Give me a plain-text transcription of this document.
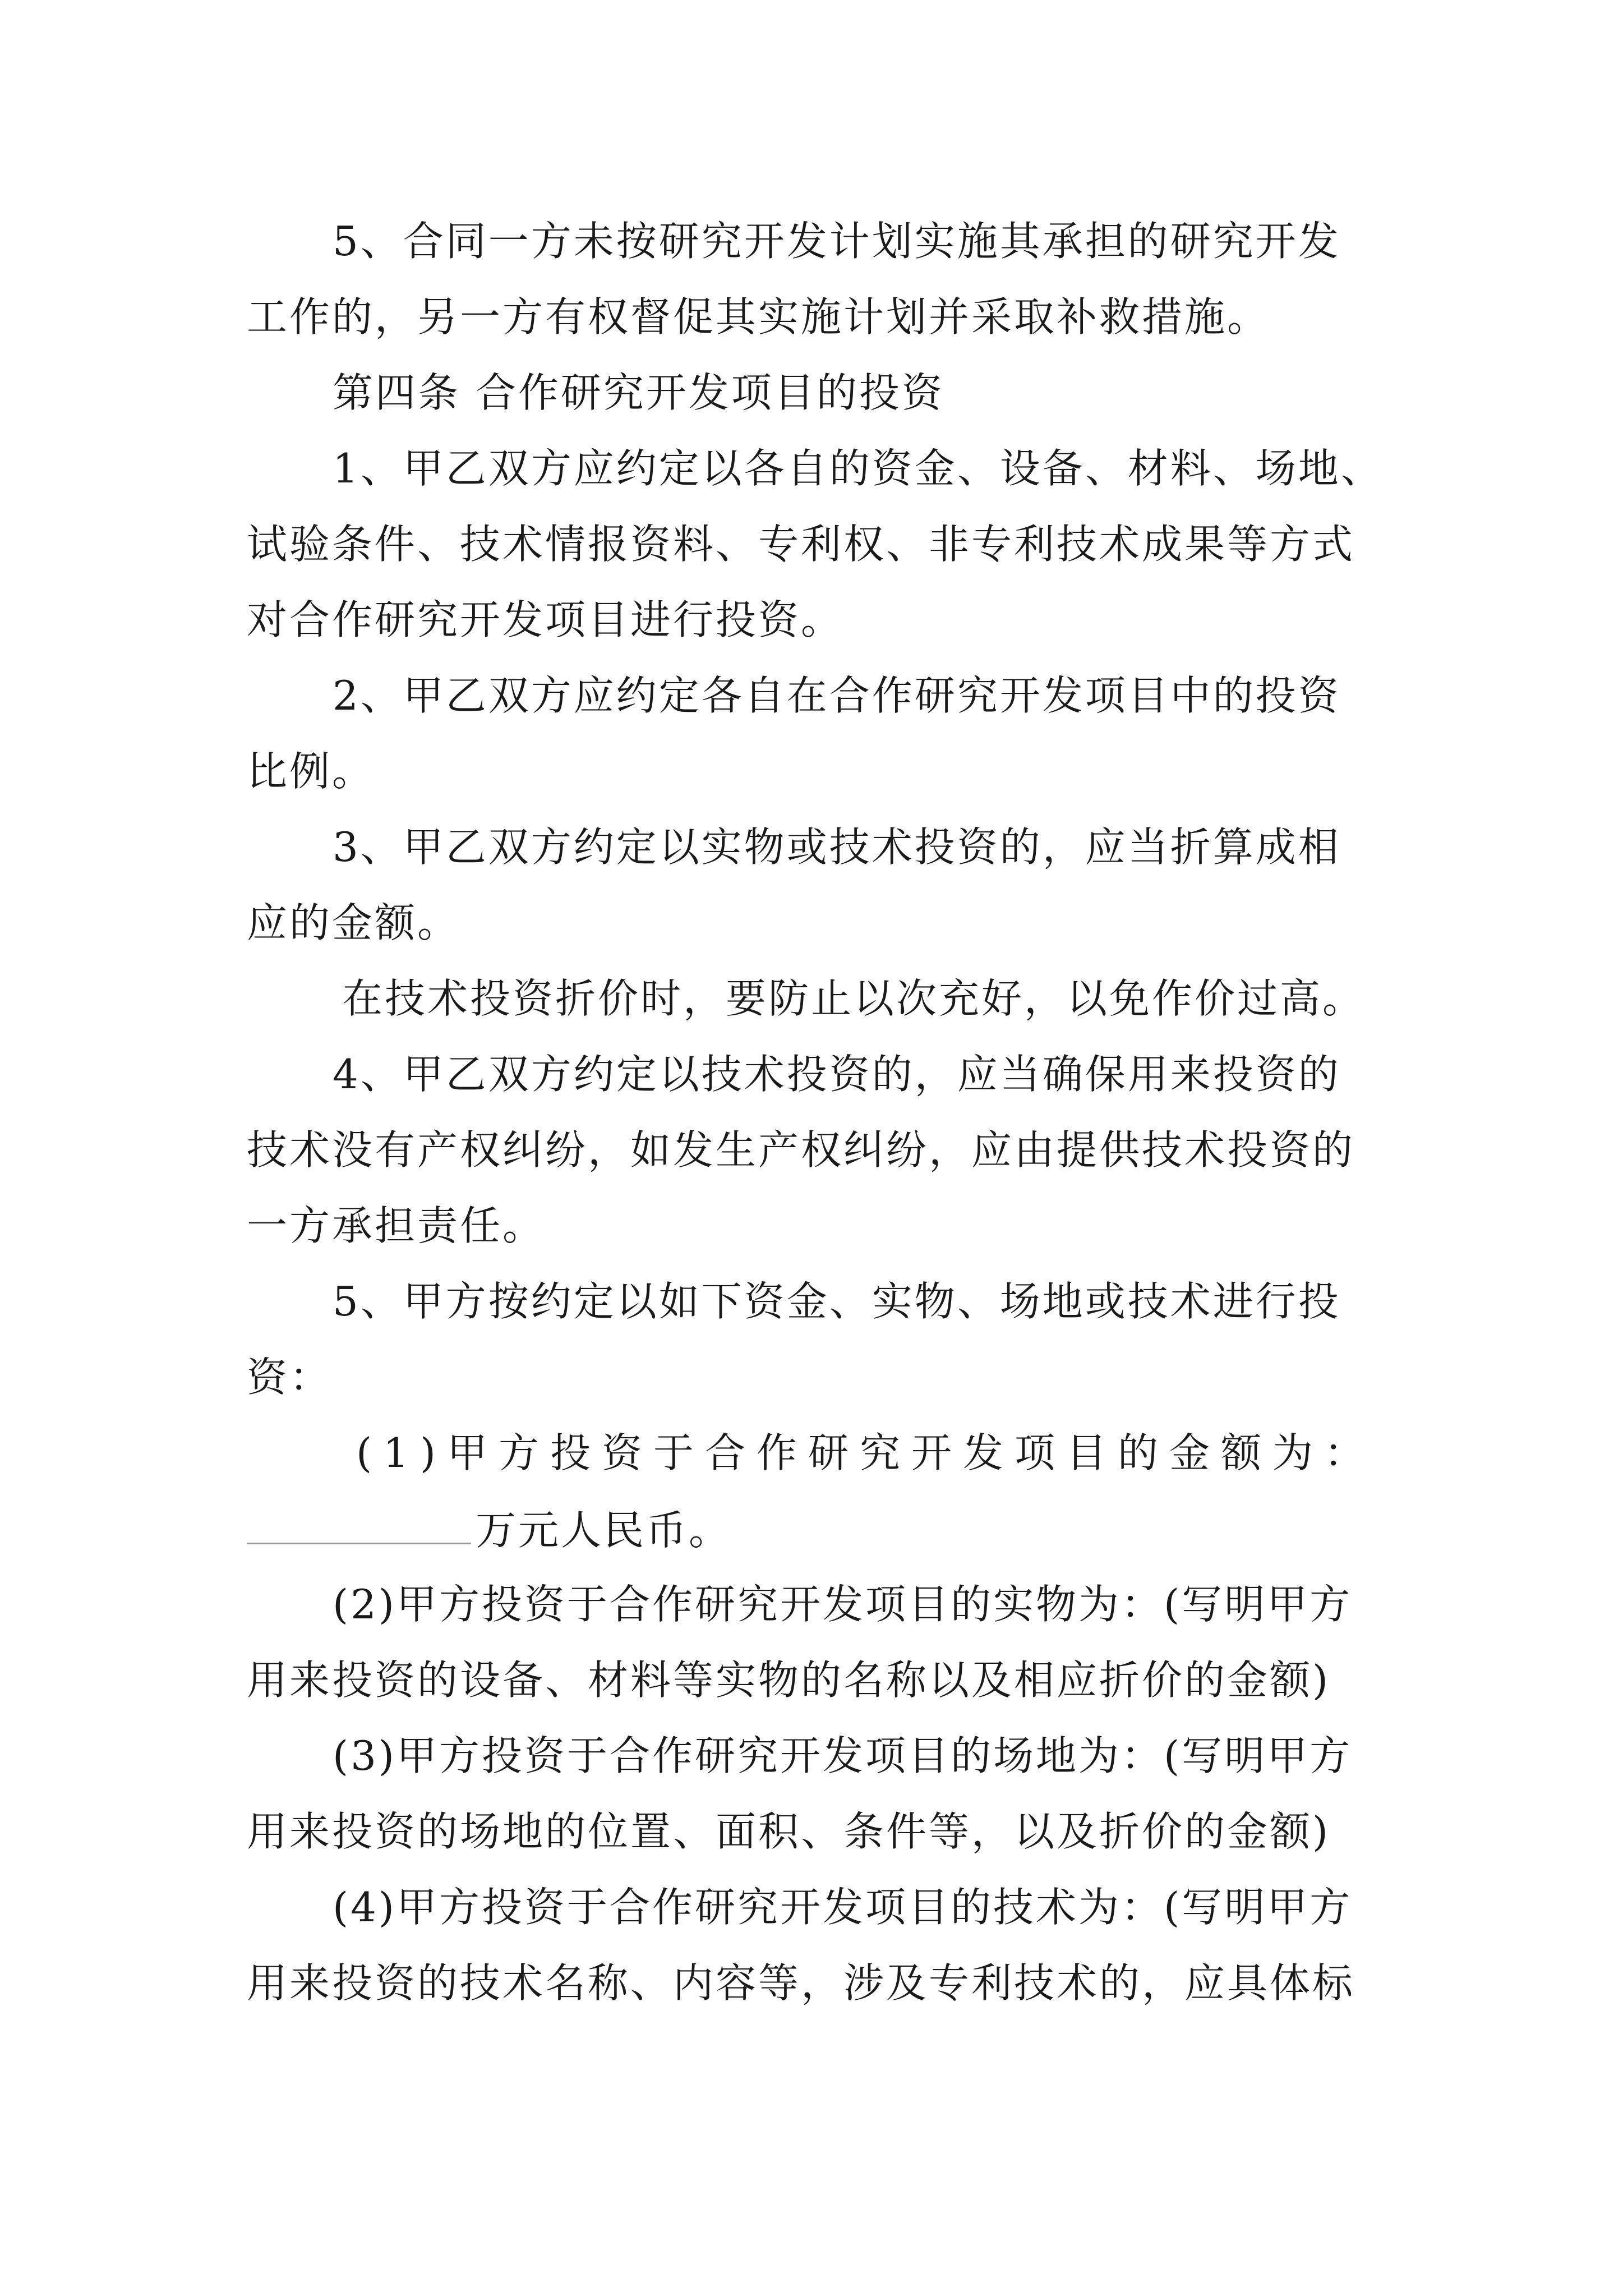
5、合同一方未按研究开发计划实施其承担的研究开发
工作的，另一方有权督促其实施计划并采取补救措施。
第四条 合作研究开发项目的投资
1、甲乙双方应约定以各自的资金、设备、材料、场地、
试验条件、技术情报资料、专利权、非专利技术成果等方式
对合作研究开发项目进行投资。
2、甲乙双方应约定各自在合作研究开发项目中的投资
比例。
3、甲乙双方约定以实物或技术投资的，应当折算成相
应的金额。
在技术投资折价时，要防止以次充好，以免作价过高。
4、甲乙双方约定以技术投资的，应当确保用来投资的
技术没有产权纠纷，如发生产权纠纷，应由提供技术投资的
一方承担责任。
5、甲方按约定以如下资金、实物、场地或技术进行投
资：
(1)甲方投资于合作研究开发项目的金额为：
万元人民币。
(2)甲方投资于合作研究开发项目的实物为：(写明甲方
用来投资的设备、材料等实物的名称以及相应折价的金额)
(3)甲方投资于合作研究开发项目的场地为：(写明甲方
用来投资的场地的位置、面积、条件等，以及折价的金额)
(4)甲方投资于合作研究开发项目的技术为：(写明甲方
用来投资的技术名称、内容等，涉及专利技术的，应具体标
